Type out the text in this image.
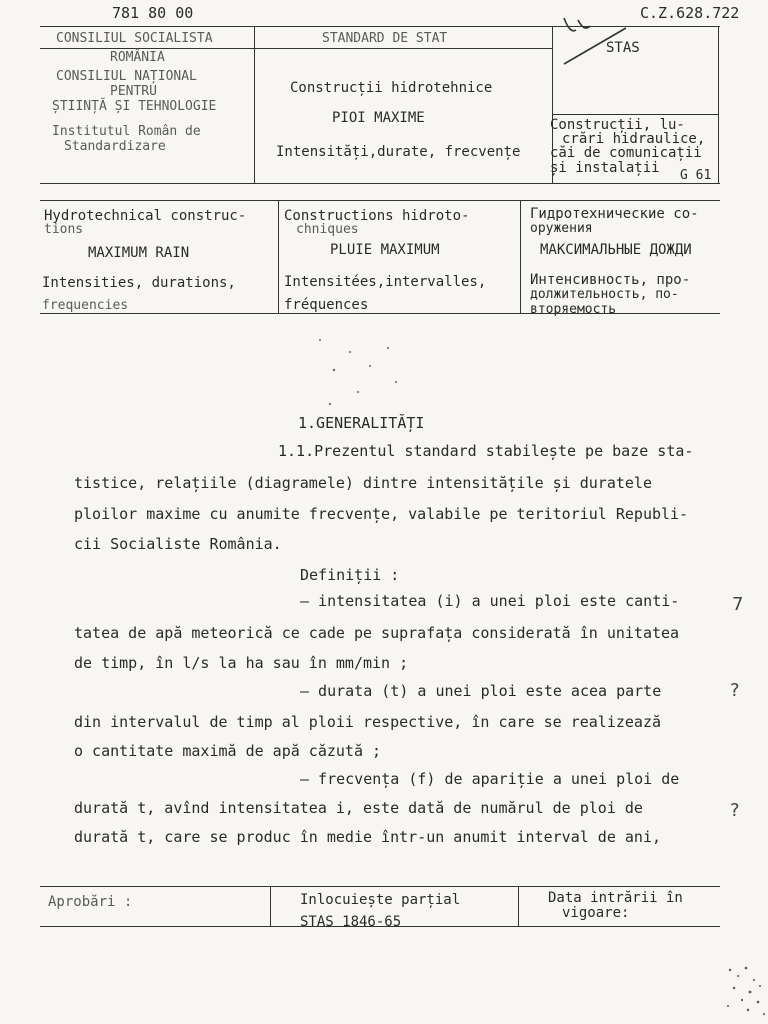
781 80 00	C.Z.628.722
CONSILIUL SOCIALISTA
ROMÂNIA
CONSILIUL NAȚIONAL
PENTRU
ȘTIINȚĂ ȘI TEHNOLOGIE
Institutul Român de
Standardizare
STANDARD DE STAT
Construcții hidrotehnice
PIOI MAXIME
Intensități,durate, frecvențe
STAS
Construcții, lu-
crări hidraulice,
căi de comunicații
și instalații G 61
Hydrotechnical construc-
tions
MAXIMUM RAIN
Intensities, durations,
frequencies
Constructions hidroto-
chniques
PLUIE MAXIMUM
Intensitées,intervalles,
fréquences
Гидротехнические со-
оружения
МАКСИМАЛЬНЫЕ ДОЖДИ
Интенсивность, про-
должительность, по-
вторяемость
1.GENERALITĂȚI
1.1.Prezentul standard stabilește pe baze sta-
tistice, relațiile (diagramele) dintre intensitățile și duratele
ploilor maxime cu anumite frecvențe, valabile pe teritoriul Republi-
cii Socialiste România.
Definiții :
– intensitatea (i) a unei ploi este canti-
tatea de apă meteorică ce cade pe suprafața considerată în unitatea
de timp, în l/s la ha sau în mm/min ;
– durata (t) a unei ploi este acea parte
din intervalul de timp al ploii respective, în care se realizează
o cantitate maximă de apă căzută ;
– frecvența (f) de apariție a unei ploi de
durată t, avînd intensitatea i, este dată de numărul de ploi de
durată t, care se produc în medie într-un anumit interval de ani,
7
?
?
Aprobări :	Inlocuiește parțial
STAS 1846-65
Data intrării în
vigoare:
